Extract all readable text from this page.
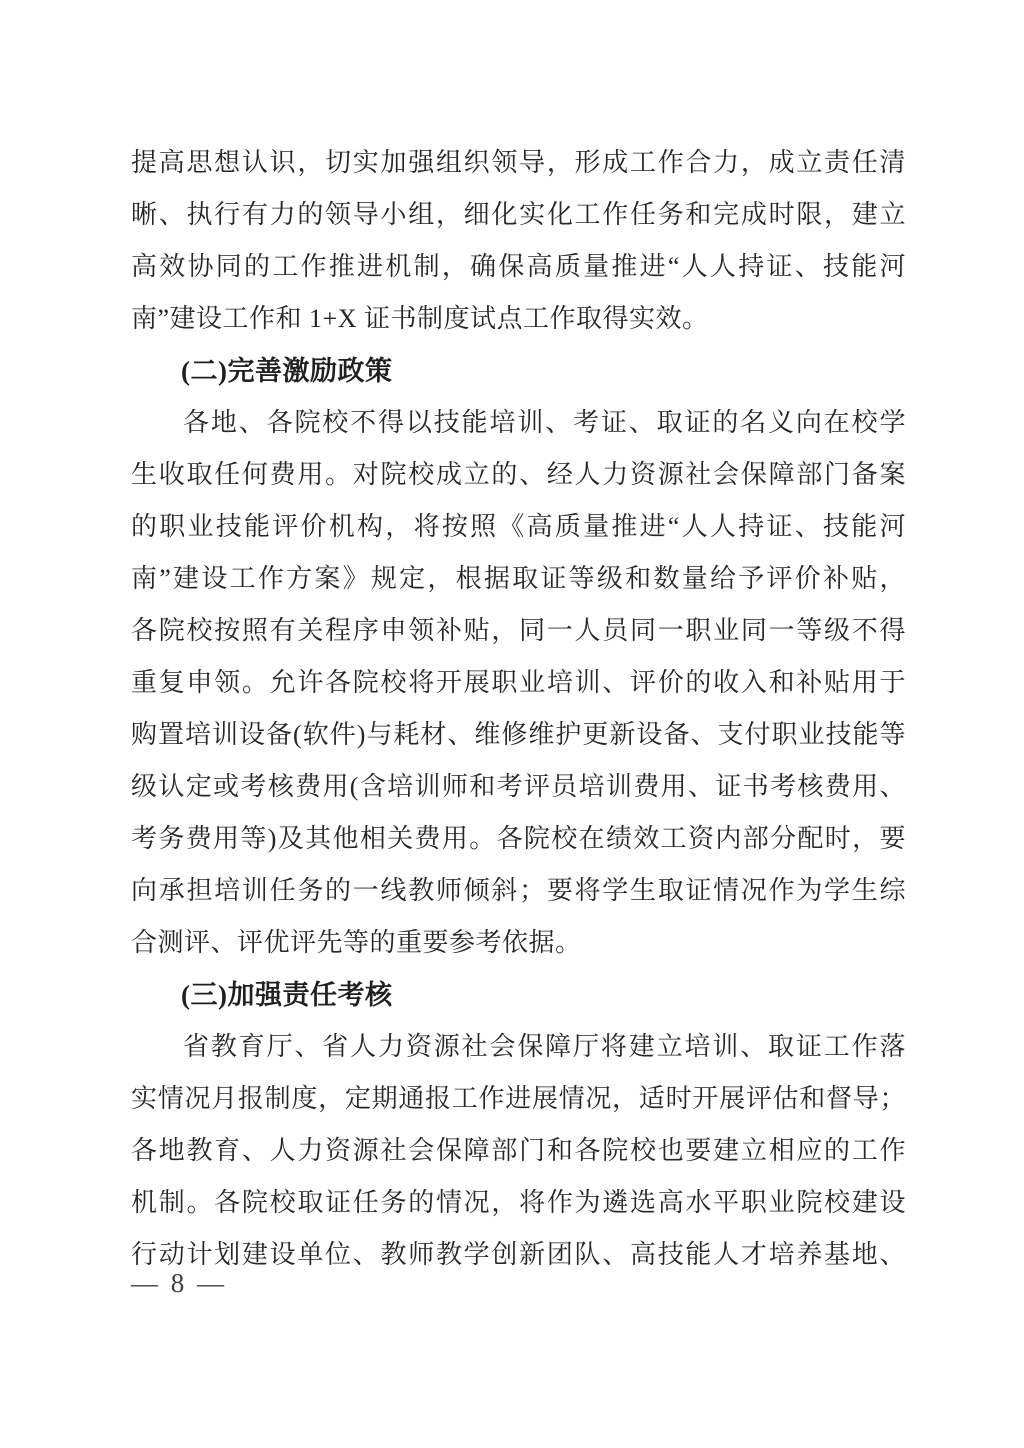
提高思想认识，切实加强组织领导，形成工作合力，成立责任清

晰、执行有力的领导小组，细化实化工作任务和完成时限，建立

高效协同的工作推进机制，确保高质量推进“人人持证、技能河

南”建设工作和 1+X 证书制度试点工作取得实效。

(二)完善激励政策

各地、各院校不得以技能培训、考证、取证的名义向在校学

生收取任何费用。对院校成立的、经人力资源社会保障部门备案

的职业技能评价机构，将按照《高质量推进“人人持证、技能河

南”建设工作方案》规定，根据取证等级和数量给予评价补贴，

各院校按照有关程序申领补贴，同一人员同一职业同一等级不得

重复申领。允许各院校将开展职业培训、评价的收入和补贴用于

购置培训设备(软件)与耗材、维修维护更新设备、支付职业技能等

级认定或考核费用(含培训师和考评员培训费用、证书考核费用、

考务费用等)及其他相关费用。各院校在绩效工资内部分配时，要

向承担培训任务的一线教师倾斜；要将学生取证情况作为学生综

合测评、评优评先等的重要参考依据。

(三)加强责任考核

省教育厅、省人力资源社会保障厅将建立培训、取证工作落

实情况月报制度，定期通报工作进展情况，适时开展评估和督导；

各地教育、人力资源社会保障部门和各院校也要建立相应的工作

机制。各院校取证任务的情况，将作为遴选高水平职业院校建设

行动计划建设单位、教师教学创新团队、高技能人才培养基地、

— 8 —
